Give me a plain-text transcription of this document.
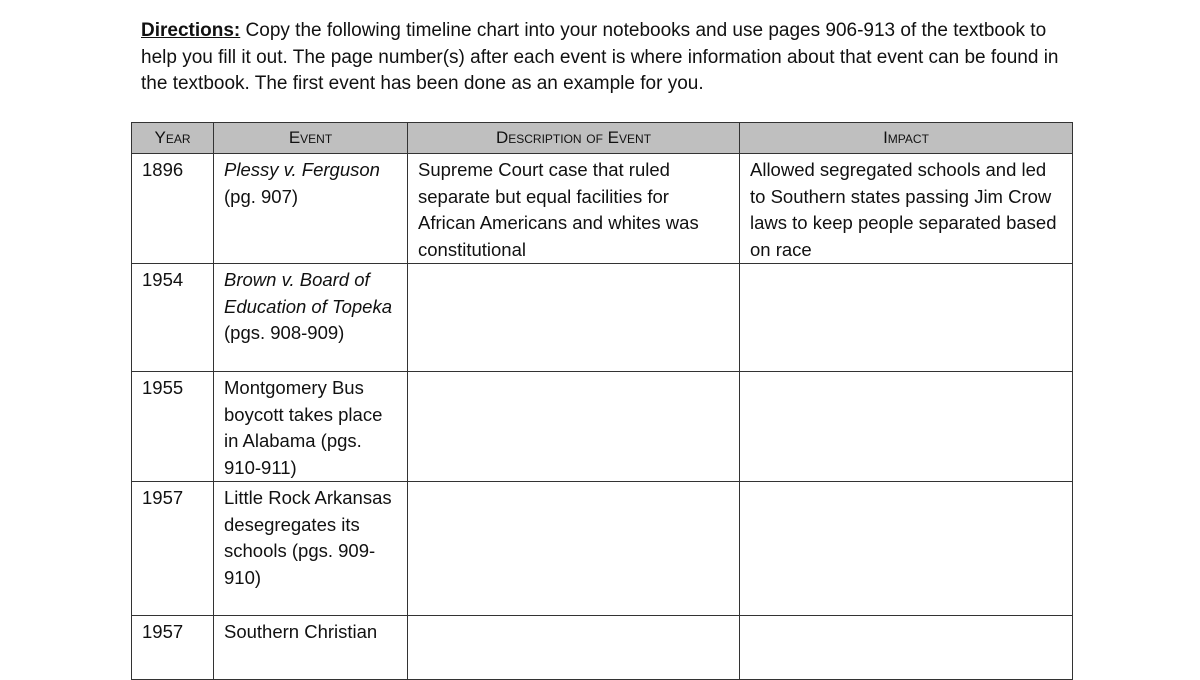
Directions: Copy the following timeline chart into your notebooks and use pages 906-913 of the textbook to help you fill it out. The page number(s) after each event is where information about that event can be found in the textbook. The first event has been done as an example for you.

Year	Event	Description of Event	Impact
1896	Plessy v. Ferguson (pg. 907)	Supreme Court case that ruled separate but equal facilities for African Americans and whites was constitutional	Allowed segregated schools and led to Southern states passing Jim Crow laws to keep people separated based on race
1954	Brown v. Board of Education of Topeka (pgs. 908-909)		
1955	Montgomery Bus boycott takes place in Alabama (pgs. 910-911)		
1957	Little Rock Arkansas desegregates its schools (pgs. 909-910)		
1957	Southern Christian		
